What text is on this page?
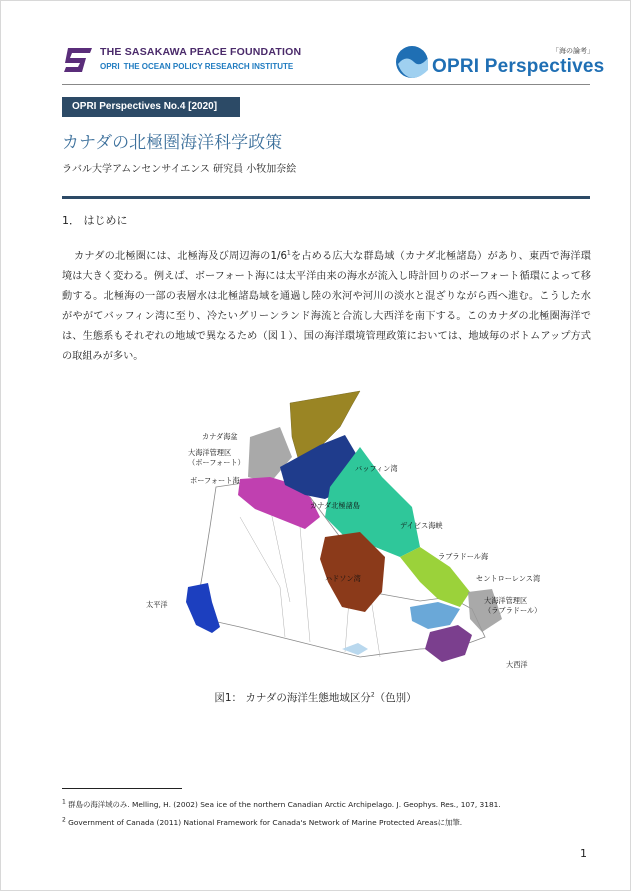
THE SASAKAWA PEACE FOUNDATION
OPRI THE OCEAN POLICY RESEARCH INSTITUTE
「海の論考」
OPRI Perspectives
OPRI Perspectives No.4 [2020]
カナダの北極圏海洋科学政策
ラバル大学アムンセンサイエンス 研究員 小牧加奈絵
1． はじめに

カナダの北極圏には、北極海及び周辺海の$1/6^1$を占める広大な群島域（カナダ北極諸島）があり、東西で海洋環境は大きく変わる。例えば、ボーフォート海には太平洋由来の海水が流入し時計回りのボーフォート循環によって移動する。北極海の一部の表層水は北極諸島域を通過し陸の氷河や河川の淡水と混ざりながら西へ進む。こうした水がやがてバッフィン湾に至り、冷たいグリーンランド海流と合流し大西洋を南下する。このカナダの北極圏海洋では、生態系もそれぞれの地域で異なるため（図１）、国の海洋環境管理政策においては、地域毎のボトムアップ方式の取組みが多い。

カナダ海盆
大海洋管理区
（ボーフォート）
ボーフォート海
バッフィン湾
カナダ北極諸島
デイビス海峡
ラブラドール海
ハドソン湾	セントローレンス湾
大海洋管理区
（ラブラドール）
太平洋
大西洋
図1： カナダの海洋生態地域区分$^2$（色別）
$^1$ 群島の海洋域のみ. Melling, H. (2002) Sea ice of the northern Canadian Arctic Archipelago. J. Geophys. Res., 107, 3181.
$^2$ Government of Canada (2011) National Framework for Canada's Network of Marine Protected Areasに加筆.
1
